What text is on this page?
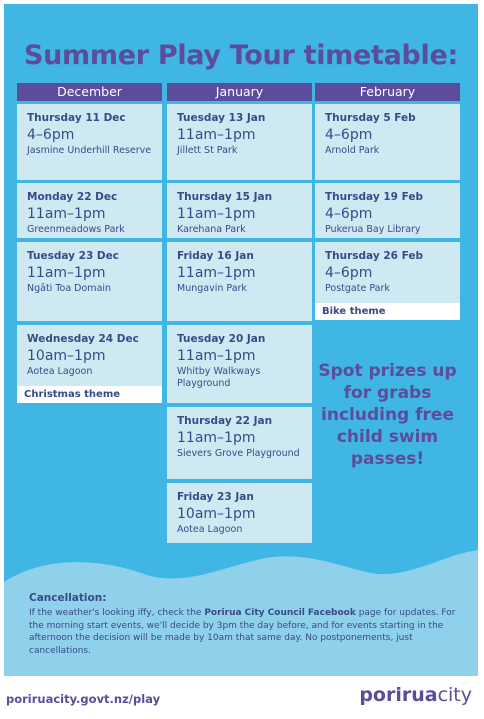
Summer Play Tour timetable:
December
Thursday 11 Dec
4–6pm
Jasmine Underhill Reserve
Monday 22 Dec
11am–1pm
Greenmeadows Park
Tuesday 23 Dec
11am–1pm
Ngāti Toa Domain
Wednesday 24 Dec
10am–1pm
Aotea Lagoon
Christmas theme
January
Tuesday 13 Jan
11am–1pm
Jillett St Park
Thursday 15 Jan
11am–1pm
Karehana Park
Friday 16 Jan
11am–1pm
Mungavin Park
Tuesday 20 Jan
11am–1pm
Whitby Walkways Playground
Thursday 22 Jan
11am–1pm
Sievers Grove Playground
Friday 23 Jan
10am–1pm
Aotea Lagoon
February
Thursday 5 Feb
4–6pm
Arnold Park
Thursday 19 Feb
4–6pm
Pukerua Bay Library
Thursday 26 Feb
4–6pm
Postgate Park
Bike theme
Spot prizes up for grabs including free child swim passes!
Cancellation:
If the weather's looking iffy, check the Porirua City Council Facebook page for updates. For the morning start events, we'll decide by 3pm the day before, and for events starting in the afternoon the decision will be made by 10am that same day. No postponements, just cancellations.
poriruacity.govt.nz/play	poriruacity
